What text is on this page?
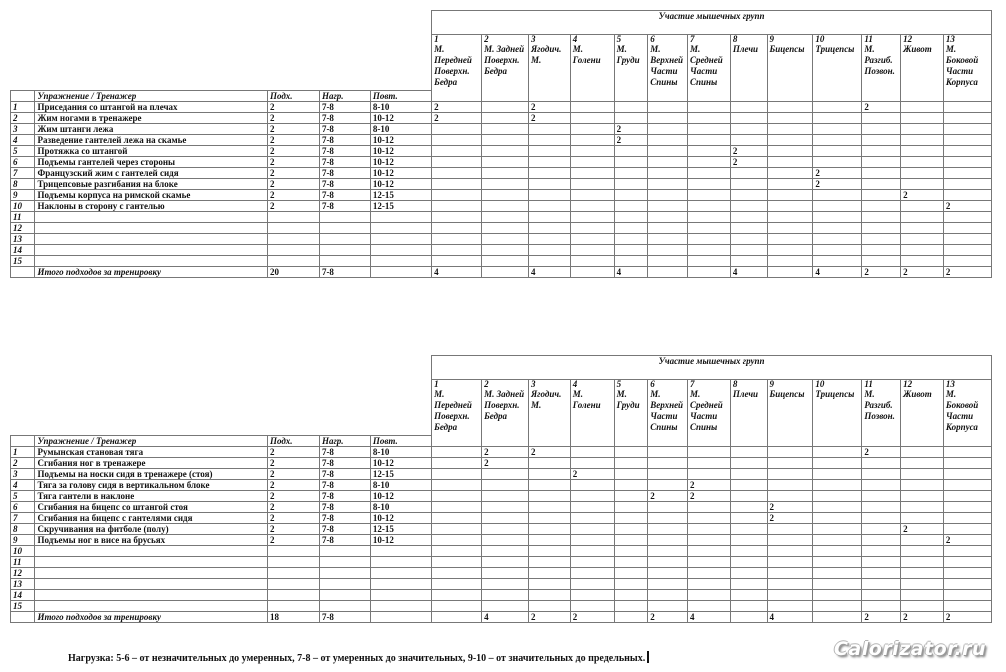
					Участие мышечных групп												
					1	2	3	4	5	6	7	8	9	10	11	12	13
					М. Передней Поверхн. Бедра	М. Задней Поверхн. Бедра	Ягодич. М.	М. Голени	М. Груди	М. Верхней Части Спины	М. Средней Части Спины	Плечи	Бицепсы	Трицепсы	М. Разгиб. Позвон.	Живот	М. Боковой Части Корпуса
	Упражнение / Тренажер	Подх.	Нагр.	Повт.													
1	Приседания со штангой на плечах	2	7-8	8-10	2		2								2		
2	Жим ногами в тренажере	2	7-8	10-12	2		2										
3	Жим штанги лежа	2	7-8	8-10					2								
4	Разведение гантелей лежа на скамье	2	7-8	10-12					2								
5	Протяжка со штангой	2	7-8	10-12								2					
6	Подъемы гантелей через стороны	2	7-8	10-12								2					
7	Французский жим с гантелей сидя	2	7-8	10-12										2			
8	Трицепсовые разгибания на блоке	2	7-8	10-12										2			
9	Подъемы корпуса на римской скамье	2	7-8	12-15												2	
10	Наклоны в сторону с гантелью	2	7-8	12-15													2
11																	
12																	
13																	
14																	
15																	
	Итого подходов за тренировку	20	7-8		4		4		4			4		4	2	2	2
					Участие мышечных групп												
					1	2	3	4	5	6	7	8	9	10	11	12	13
					М. Передней Поверхн. Бедра	М. Задней Поверхн. Бедра	Ягодич. М.	М. Голени	М. Груди	М. Верхней Части Спины	М. Средней Части Спины	Плечи	Бицепсы	Трицепсы	М. Разгиб. Позвон.	Живот	М. Боковой Части Корпуса
	Упражнение / Тренажер	Подх.	Нагр.	Повт.													
1	Румынская становая тяга	2	7-8	8-10		2	2								2		
2	Сгибания ног в тренажере	2	7-8	10-12		2											
3	Подъемы на носки сидя в тренажере (стоя)	2	7-8	12-15				2									
4	Тяга за голову сидя в вертикальном блоке	2	7-8	8-10							2						
5	Тяга гантели в наклоне	2	7-8	10-12						2	2						
6	Сгибания на бицепс со штангой стоя	2	7-8	8-10									2				
7	Сгибания на бицепс с гантелями сидя	2	7-8	10-12									2				
8	Скручивания на фитболе (полу)	2	7-8	12-15												2	
9	Подъемы ног в висе на брусьях	2	7-8	10-12													2
10																	
11																	
12																	
13																	
14																	
15																	
	Итого подходов за тренировку	18	7-8			4	2	2		2	4		4		2	2	2
Нагрузка: 5-6 – от незначительных до умеренных, 7-8 – от умеренных до значительных, 9-10 – от значительных до предельных.	Calorizator.ru
